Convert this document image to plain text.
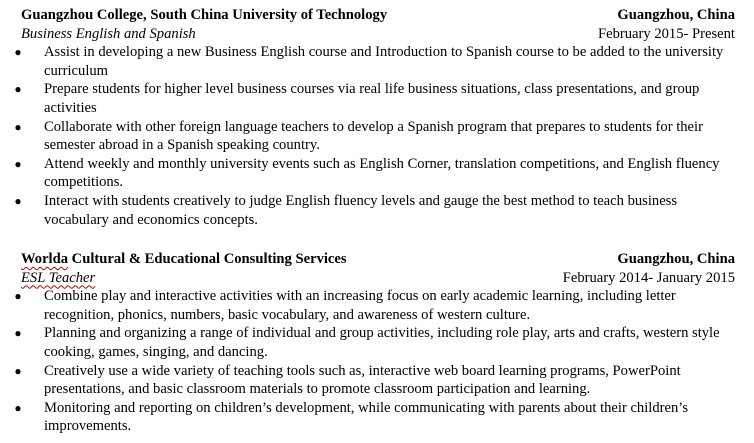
Guangzhou College, South China University of Technology	Guangzhou, China
Business English and Spanish	February 2015- Present
●	Assist in developing a new Business English course and Introduction to Spanish course to be added to the university curriculum
●	Prepare students for higher level business courses via real life business situations, class presentations, and group activities
●	Collaborate with other foreign language teachers to develop a Spanish program that prepares to students for their semester abroad in a Spanish speaking country.
●	Attend weekly and monthly university events such as English Corner, translation competitions, and English fluency competitions.
●	Interact with students creatively to judge English fluency levels and gauge the best method to teach business vocabulary and economics concepts.
Worlda Cultural & Educational Consulting Services	Guangzhou, China
ESL Teacher	February 2014- January 2015
●	Combine play and interactive activities with an increasing focus on early academic learning, including letter recognition, phonics, numbers, basic vocabulary, and awareness of western culture.
●	Planning and organizing a range of individual and group activities, including role play, arts and crafts, western style cooking, games, singing, and dancing.
●	Creatively use a wide variety of teaching tools such as, interactive web board learning programs, PowerPoint presentations, and basic classroom materials to promote classroom participation and learning.
●	Monitoring and reporting on children’s development, while communicating with parents about their children’s improvements.
